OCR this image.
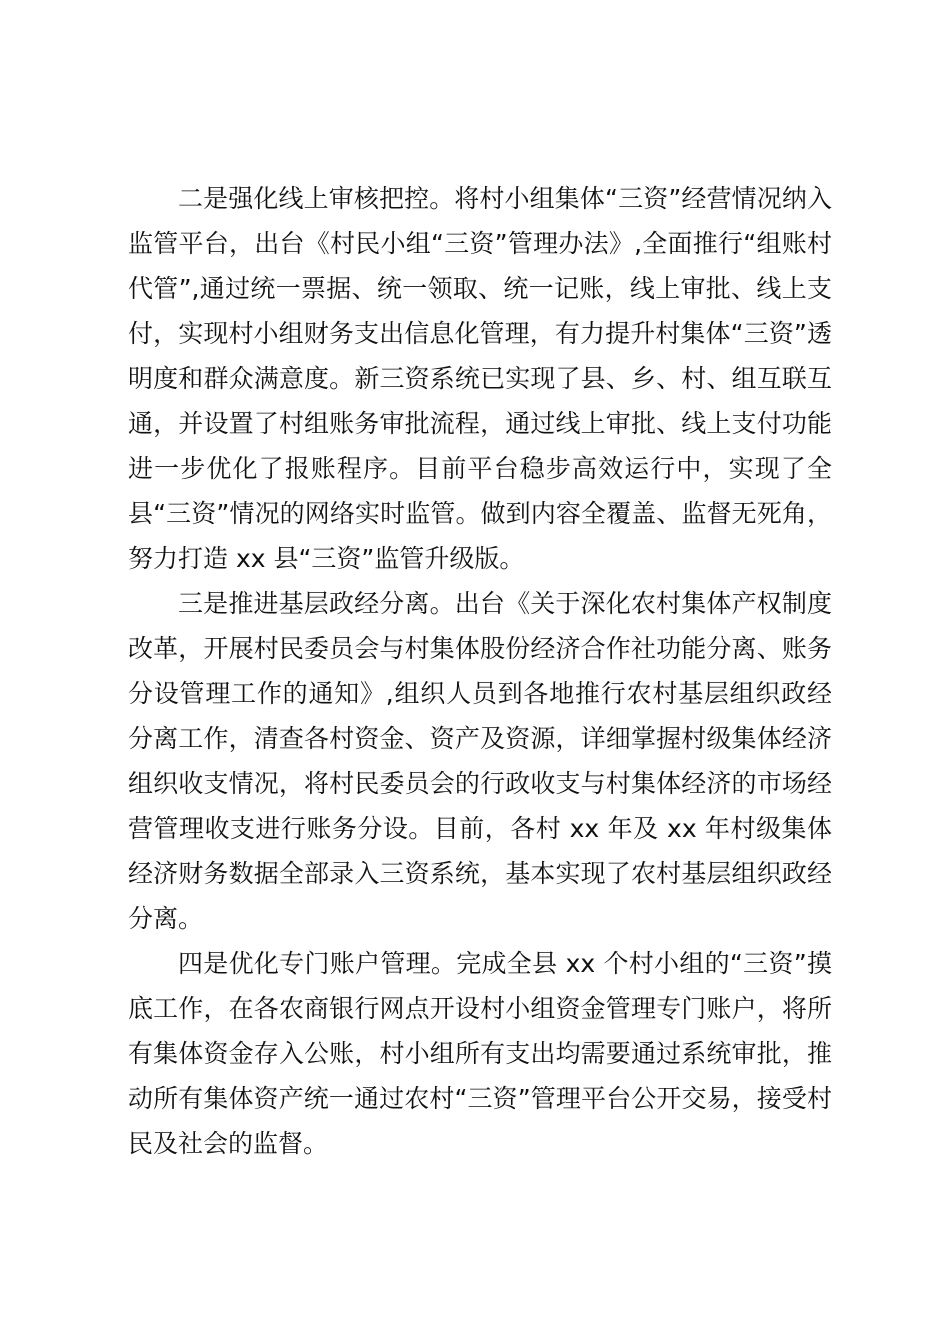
二是强化线上审核把控。将村小组集体“三资”经营情况纳入监管平台，出台《村民小组“三资”管理办法》,全面推行“组账村代管”,通过统一票据、统一领取、统一记账，线上审批、线上支付，实现村小组财务支出信息化管理，有力提升村集体“三资”透明度和群众满意度。新三资系统已实现了县、乡、村、组互联互通，并设置了村组账务审批流程，通过线上审批、线上支付功能进一步优化了报账程序。目前平台稳步高效运行中，实现了全县“三资”情况的网络实时监管。做到内容全覆盖、监督无死角，努力打造 xx 县“三资”监管升级版。

三是推进基层政经分离。出台《关于深化农村集体产权制度改革，开展村民委员会与村集体股份经济合作社功能分离、账务分设管理工作的通知》,组织人员到各地推行农村基层组织政经分离工作，清查各村资金、资产及资源，详细掌握村级集体经济组织收支情况，将村民委员会的行政收支与村集体经济的市场经营管理收支进行账务分设。目前，各村 xx 年及 xx 年村级集体经济财务数据全部录入三资系统，基本实现了农村基层组织政经分离。

四是优化专门账户管理。完成全县 xx 个村小组的“三资”摸底工作，在各农商银行网点开设村小组资金管理专门账户，将所有集体资金存入公账，村小组所有支出均需要通过系统审批，推动所有集体资产统一通过农村“三资”管理平台公开交易，接受村民及社会的监督。
